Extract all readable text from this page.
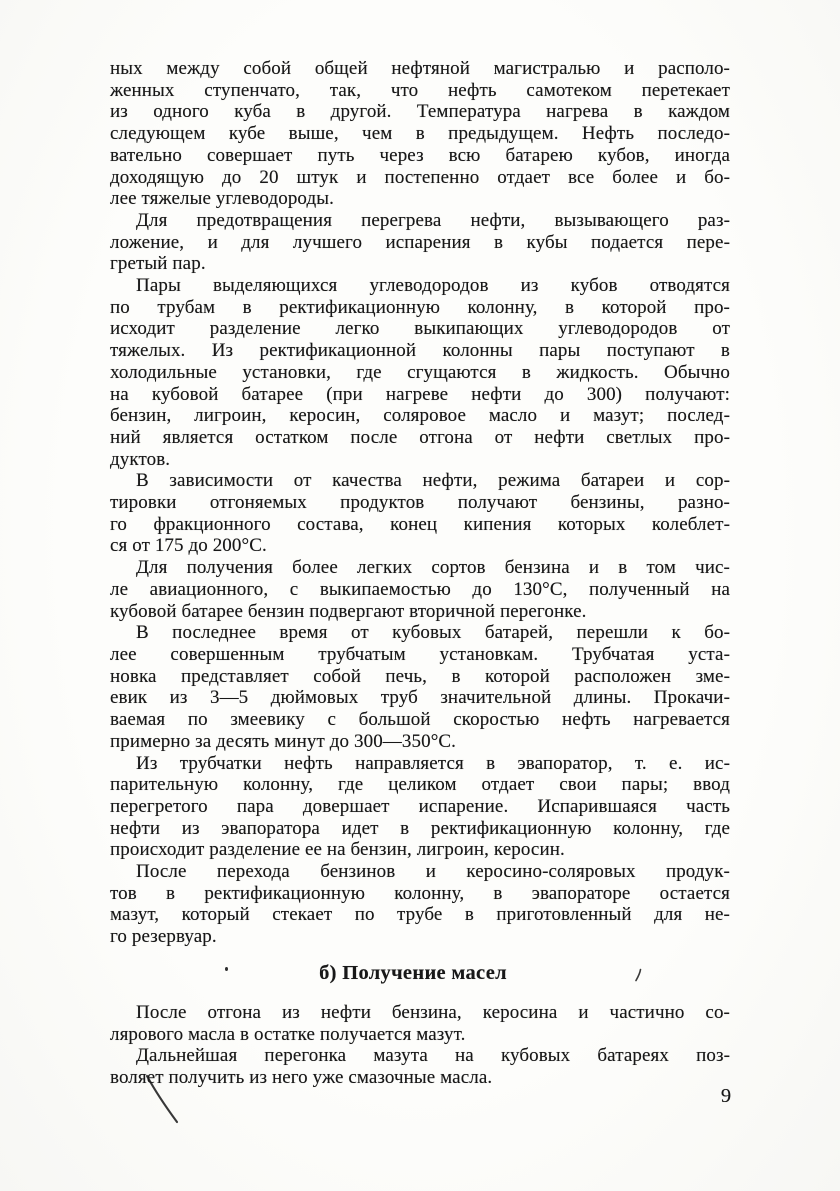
ных между собой общей нефтяной магистралью и располо-
женных ступенчато, так, что нефть самотеком перетекает
из одного куба в другой. Температура нагрева в каждом
следующем кубе выше, чем в предыдущем. Нефть последо-
вательно совершает путь через всю батарею кубов, иногда
доходящую до 20 штук и постепенно отдает все более и бо-
лее тяжелые углеводороды.
Для предотвращения перегрева нефти, вызывающего раз-
ложение, и для лучшего испарения в кубы подается пере-
гретый пар.
Пары выделяющихся углеводородов из кубов отводятся
по трубам в ректификационную колонну, в которой про-
исходит разделение легко выкипающих углеводородов от
тяжелых. Из ректификационной колонны пары поступают в
холодильные установки, где сгущаются в жидкость. Обычно
на кубовой батарее (при нагреве нефти до 300) получают:
бензин, лигроин, керосин, соляровое масло и мазут; послед-
ний является остатком после отгона от нефти светлых про-
дуктов.
В зависимости от качества нефти, режима батареи и сор-
тировки отгоняемых продуктов получают бензины, разно-
го фракционного состава, конец кипения которых колеблет-
ся от 175 до 200°С.
Для получения более легких сортов бензина и в том чис-
ле авиационного, с выкипаемостью до 130°С, полученный на
кубовой батарее бензин подвергают вторичной перегонке.
В последнее время от кубовых батарей, перешли к бо-
лее совершенным трубчатым установкам. Трубчатая уста-
новка представляет собой печь, в которой расположен зме-
евик из 3—5 дюймовых труб значительной длины. Прокачи-
ваемая по змеевику с большой скоростью нефть нагревается
примерно за десять минут до 300—350°С.
Из трубчатки нефть направляется в эвапоратор, т. е. ис-
парительную колонну, где целиком отдает свои пары; ввод
перегретого пара довершает испарение. Испарившаяся часть
нефти из эвапоратора идет в ректификационную колонну, где
происходит разделение ее на бензин, лигроин, керосин.
После перехода бензинов и керосино-соляровых продук-
тов в ректификационную колонну, в эвапораторе остается
мазут, который стекает по трубе в приготовленный для не-
го резервуар.
б) Получение масел
После отгона из нефти бензина, керосина и частично со-
лярового масла в остатке получается мазут.
Дальнейшая перегонка мазута на кубовых батареях поз-
воляет получить из него уже смазочные масла.
9
